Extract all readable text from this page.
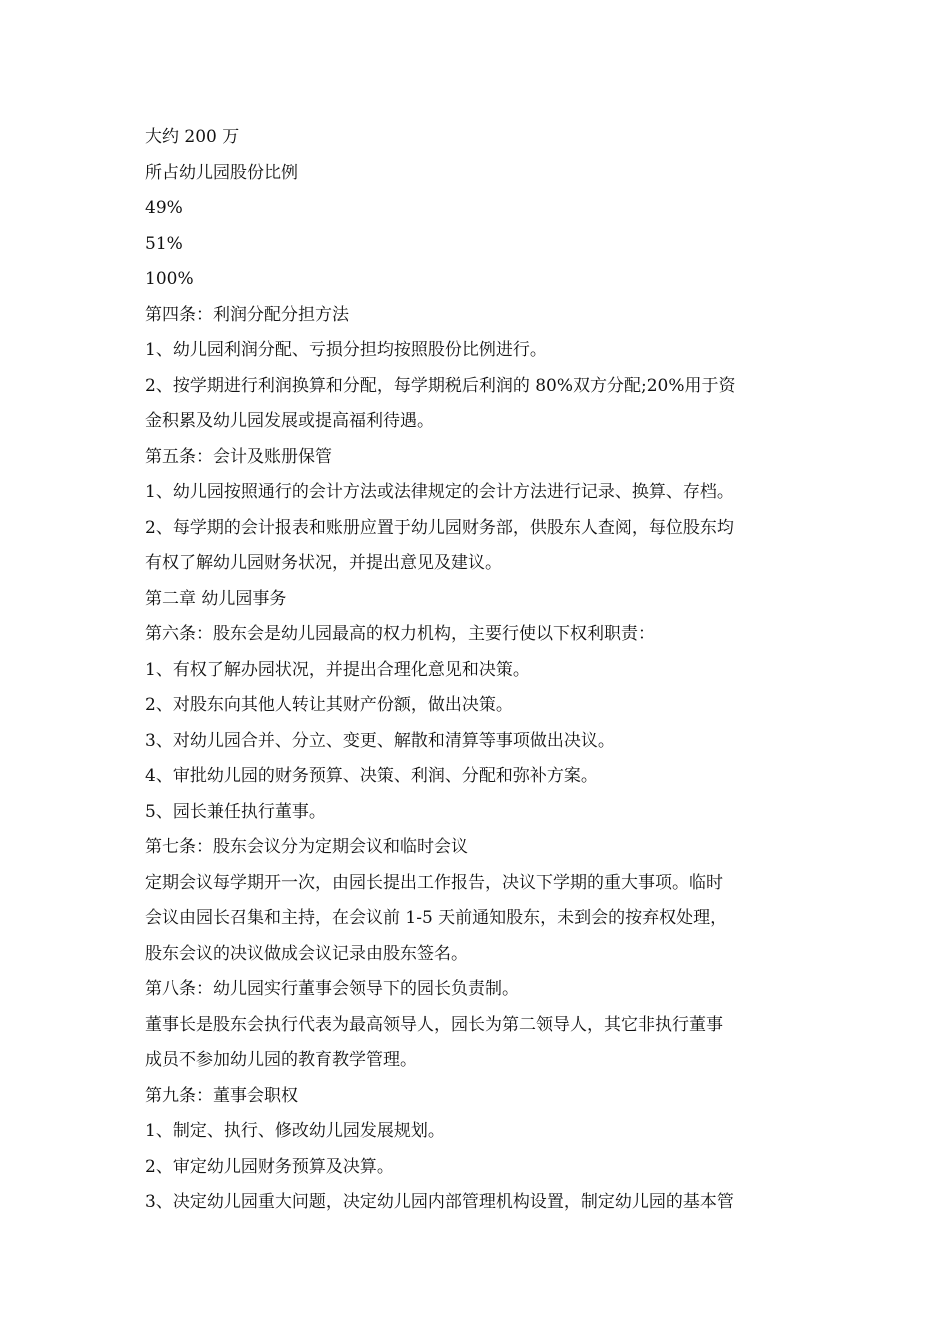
大约 200 万
所占幼儿园股份比例
49%
51%
100%
第四条：利润分配分担方法
1、幼儿园利润分配、亏损分担均按照股份比例进行。
2、按学期进行利润换算和分配，每学期税后利润的 80%双方分配;20%用于资
金积累及幼儿园发展或提高福利待遇。
第五条：会计及账册保管
1、幼儿园按照通行的会计方法或法律规定的会计方法进行记录、换算、存档。
2、每学期的会计报表和账册应置于幼儿园财务部，供股东人查阅，每位股东均
有权了解幼儿园财务状况，并提出意见及建议。
第二章 幼儿园事务
第六条：股东会是幼儿园最高的权力机构，主要行使以下权利职责：
1、有权了解办园状况，并提出合理化意见和决策。
2、对股东向其他人转让其财产份额，做出决策。
3、对幼儿园合并、分立、变更、解散和清算等事项做出决议。
4、审批幼儿园的财务预算、决策、利润、分配和弥补方案。
5、园长兼任执行董事。
第七条：股东会议分为定期会议和临时会议
定期会议每学期开一次，由园长提出工作报告，决议下学期的重大事项。临时
会议由园长召集和主持，在会议前 1-5 天前通知股东，未到会的按弃权处理，
股东会议的决议做成会议记录由股东签名。
第八条：幼儿园实行董事会领导下的园长负责制。
董事长是股东会执行代表为最高领导人，园长为第二领导人，其它非执行董事
成员不参加幼儿园的教育教学管理。
第九条：董事会职权
1、制定、执行、修改幼儿园发展规划。
2、审定幼儿园财务预算及决算。
3、决定幼儿园重大问题，决定幼儿园内部管理机构设置，制定幼儿园的基本管
